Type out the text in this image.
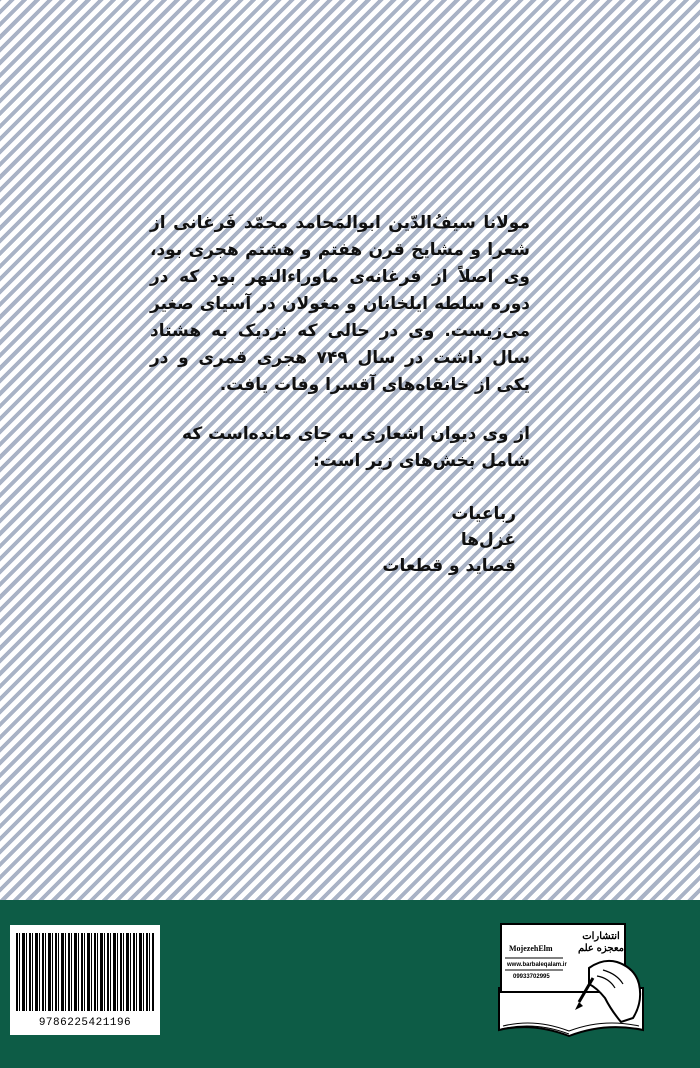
مولانا سیفُ‌الدّین ابوالمَحامد محمّد فَرغانی از شعرا و مشایخ قرن هفتم و هشتم هجری بود، وی اصلاً از فرغانه‌ی ماوراءالنهر بود که در دوره سلطه ایلخانان و مغولان در آسیای صغیر می‌زیست. وی در حالی که نزدیک به هشتاد سال داشت در سال ۷۴۹ هجری قمری و در یکی از خانقاه‌های آقسرا وفات یافت.

از وی دیوان اشعاری به جای مانده‌است که شامل بخش‌های زیر است:

رباعیات
غزل‌ها
قصاید و قطعات
9786225421196
انتشارات
معجزه علم
MojezehElm
www.barbaleqalam.ir
09933702995
